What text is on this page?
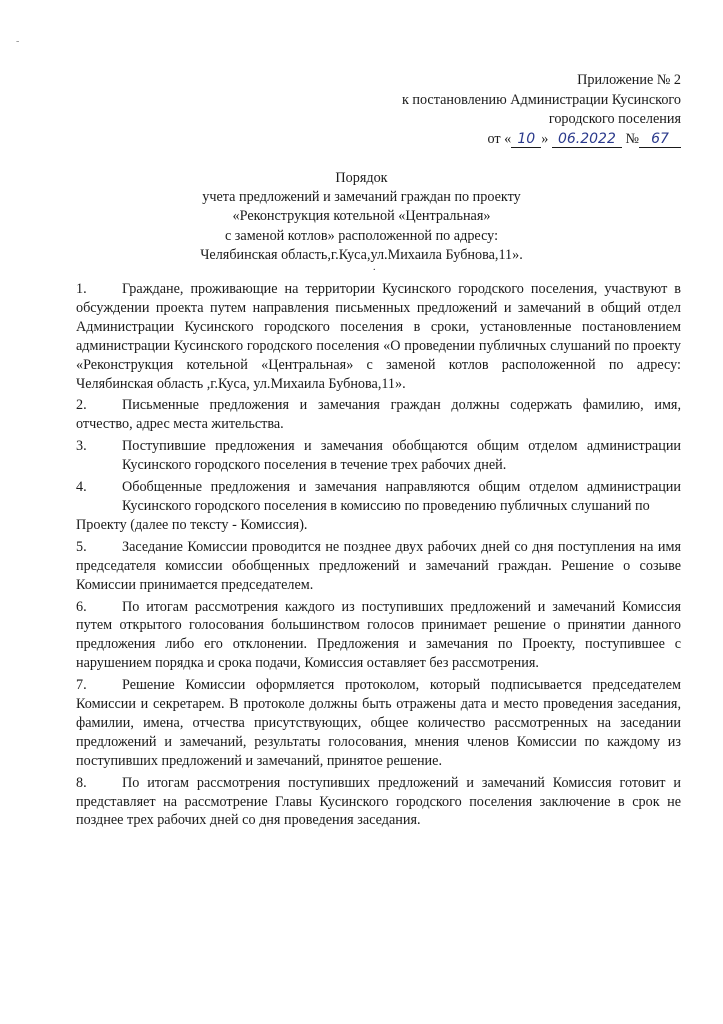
-
Приложение № 2
к постановлению Администрации Кусинского
городского поселения
от « 10 » 06.2022 № 67
Порядок
учета предложений и замечаний граждан по проекту
«Реконструкция котельной «Центральная»
с заменой котлов» расположенной по адресу:
Челябинская область,г.Куса,ул.Михаила Бубнова,11».
.
1. Граждане, проживающие на территории Кусинского городского поселения, участвуют в обсуждении проекта путем направления письменных предложений и замечаний в общий отдел Администрации Кусинского городского поселения в сроки, установленные постановлением администрации Кусинского городского поселения «О проведении публичных слушаний по проекту «Реконструкция котельной «Центральная» с заменой котлов расположенной по адресу: Челябинская область ,г.Куса, ул.Михаила Бубнова,11».
2. Письменные предложения и замечания граждан должны содержать фамилию, имя, отчество, адрес места жительства.
3.	Поступившие предложения и замечания обобщаются общим отделом администрации Кусинского городского поселения в течение трех рабочих дней.
4.	Обобщенные предложения и замечания направляются общим отделом администрации Кусинского городского поселения в комиссию по проведению публичных слушаний по
Проекту (далее по тексту - Комиссия).
5. Заседание Комиссии проводится не позднее двух рабочих дней со дня поступления на имя председателя комиссии обобщенных предложений и замечаний граждан. Решение о созыве Комиссии принимается председателем.
6. По итогам рассмотрения каждого из поступивших предложений и замечаний Комиссия путем открытого голосования большинством голосов принимает решение о принятии данного предложения либо его отклонении. Предложения и замечания по Проекту, поступившее с нарушением порядка и срока подачи, Комиссия оставляет без рассмотрения.
7. Решение Комиссии оформляется протоколом, который подписывается председателем Комиссии и секретарем. В протоколе должны быть отражены дата и место проведения заседания, фамилии, имена, отчества присутствующих, общее количество рассмотренных на заседании предложений и замечаний, результаты голосования, мнения членов Комиссии по каждому из поступивших предложений и замечаний, принятое решение.
8. По итогам рассмотрения поступивших предложений и замечаний Комиссия готовит и представляет на рассмотрение Главы Кусинского городского поселения заключение в срок не позднее трех рабочих дней со дня проведения заседания.
